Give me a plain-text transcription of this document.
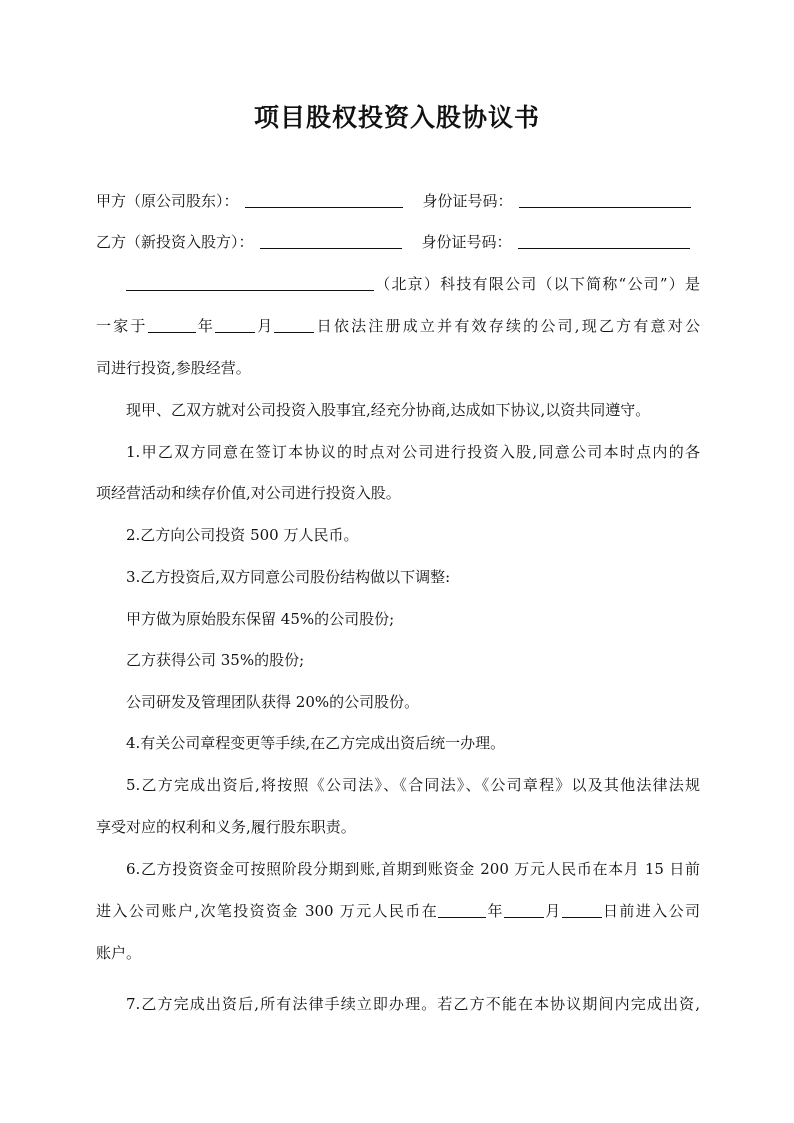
项目股权投资入股协议书
甲方（原公司股东）：	身份证号码：
乙方（新投资入股方）：	身份证号码：
（北京）科技有限公司（以下简称“公司”）是
一家于	年	月	日依法注册成立并有效存续的公司,现乙方有意对公
司进行投资,参股经营。
现甲、乙双方就对公司投资入股事宜,经充分协商,达成如下协议,以资共同遵守。
1.甲乙双方同意在签订本协议的时点对公司进行投资入股,同意公司本时点内的各
项经营活动和续存价值,对公司进行投资入股。
2.乙方向公司投资 500 万人民币。
3.乙方投资后,双方同意公司股份结构做以下调整:
甲方做为原始股东保留 45%的公司股份;
乙方获得公司 35%的股份;
公司研发及管理团队获得 20%的公司股份。
4.有关公司章程变更等手续,在乙方完成出资后统一办理。
5.乙方完成出资后,将按照《公司法》、《合同法》、《公司章程》以及其他法律法规
享受对应的权利和义务,履行股东职责。
6.乙方投资资金可按照阶段分期到账,首期到账资金 200 万元人民币在本月 15 日前
进入公司账户,次笔投资资金 300 万元人民币在	年	月	日前进入公司
账户。
7.乙方完成出资后,所有法律手续立即办理。若乙方不能在本协议期间内完成出资,
